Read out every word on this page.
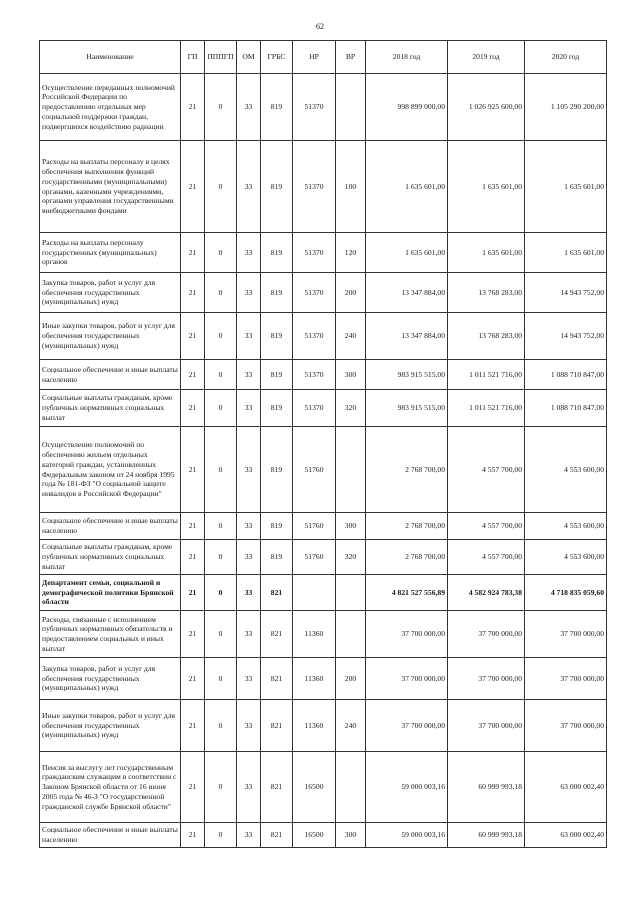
62
Наименование	ГП	ПППГП	ОМ	ГРБС	НР	ВР	2018 год	2019 год	2020 год
Осуществление переданных полномочий Российской Федерации по предоставлению отдельных мер социальной поддержки граждан, подвергшихся воздействию радиации	21	0	33	819	51370		998 899 000,00	1 026 925 600,00	1 105 290 200,00
Расходы на выплаты персоналу в целях обеспечения выполнения функций государственными (муниципальными) органами, казенными учреждениями, органами управления государственными внебюджетными фондами	21	0	33	819	51370	100	1 635 601,00	1 635 601,00	1 635 601,00
Расходы на выплаты персоналу государственных (муниципальных) органов	21	0	33	819	51370	120	1 635 601,00	1 635 601,00	1 635 601,00
Закупка товаров, работ и услуг для обеспечения государственных (муниципальных) нужд	21	0	33	819	51370	200	13 347 884,00	13 768 283,00	14 943 752,00
Иные закупки товаров, работ и услуг для обеспечения государственных (муниципальных) нужд	21	0	33	819	51370	240	13 347 884,00	13 768 283,00	14 943 752,00
Социальное обеспечение и иные выплаты населению	21	0	33	819	51370	300	983 915 515,00	1 011 521 716,00	1 088 710 847,00
Социальные выплаты гражданам, кроме публичных нормативных социальных выплат	21	0	33	819	51370	320	983 915 515,00	1 011 521 716,00	1 088 710 847,00
Осуществление полномочий по обеспечению жильем отдельных категорий граждан, установленных Федеральным законом от 24 ноября 1995 года № 181-ФЗ "О социальной защите инвалидов в Российской Федерации"	21	0	33	819	51760		2 768 700,00	4 557 700,00	4 553 600,00
Социальное обеспечение и иные выплаты населению	21	0	33	819	51760	300	2 768 700,00	4 557 700,00	4 553 600,00
Социальные выплаты гражданам, кроме публичных нормативных социальных выплат	21	0	33	819	51760	320	2 768 700,00	4 557 700,00	4 553 600,00
Департамент семьи, социальной и демографической политики Брянской области	21	0	33	821			4 821 527 556,89	4 582 924 783,38	4 718 835 059,60
Расходы, связанные с исполнением публичных нормативных обязательств и предоставлением социальных и иных выплат	21	0	33	821	11360		37 700 000,00	37 700 000,00	37 700 000,00
Закупка товаров, работ и услуг для обеспечения государственных (муниципальных) нужд	21	0	33	821	11360	200	37 700 000,00	37 700 000,00	37 700 000,00
Иные закупки товаров, работ и услуг для обеспечения государственных (муниципальных) нужд	21	0	33	821	11360	240	37 700 000,00	37 700 000,00	37 700 000,00
Пенсия за выслугу лет государственным гражданским служащим в соответствии с Законом Брянской области от 16 июня 2005 года № 46-З "О государственной гражданской службе Брянской области"	21	0	33	821	16500		59 000 003,16	60 999 993,18	63 000 002,40
Социальное обеспечение и иные выплаты населению	21	0	33	821	16500	300	59 000 003,16	60 999 993,18	63 000 002,40
